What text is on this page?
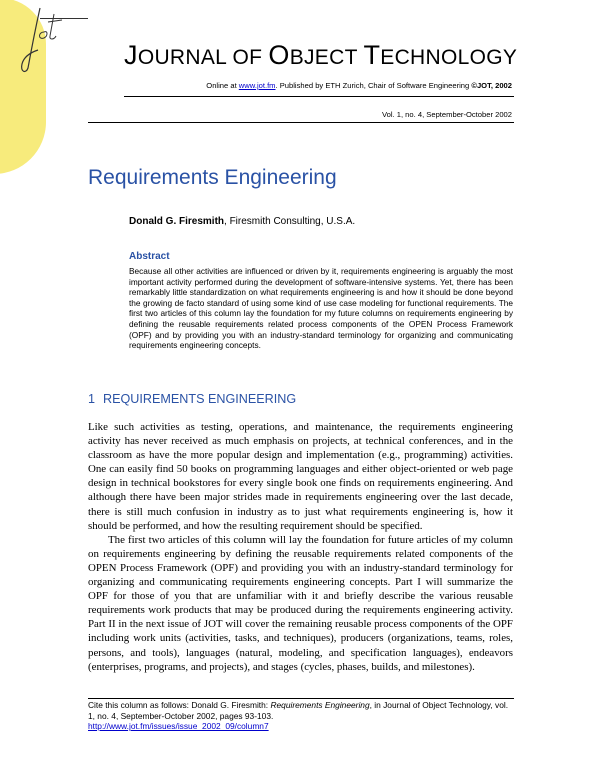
JOURNAL OF OBJECT TECHNOLOGY
Online at www.jot.fm. Published by ETH Zurich, Chair of Software Engineering ©JOT, 2002
Vol. 1, no. 4, September-October 2002
Requirements Engineering
Donald G. Firesmith, Firesmith Consulting, U.S.A.
Abstract

Because all other activities are influenced or driven by it, requirements engineering is arguably the most important activity performed during the development of software-intensive systems. Yet, there has been remarkably little standardization on what requirements engineering is and how it should be done beyond the growing de facto standard of using some kind of use case modeling for functional requirements. The first two articles of this column lay the foundation for my future columns on requirements engineering by defining the reusable requirements related process components of the OPEN Process Framework (OPF) and by providing you with an industry-standard terminology for organizing and communicating requirements engineering concepts.

1 REQUIREMENTS ENGINEERING

Like such activities as testing, operations, and maintenance, the requirements engineering activity has never received as much emphasis on projects, at technical conferences, and in the classroom as have the more popular design and implementation (e.g., programming) activities. One can easily find 50 books on programming languages and either object-oriented or web page design in technical bookstores for every single book one finds on requirements engineering. And although there have been major strides made in requirements engineering over the last decade, there is still much confusion in industry as to just what requirements engineering is, how it should be performed, and how the resulting requirement should be specified.

The first two articles of this column will lay the foundation for future articles of my column on requirements engineering by defining the reusable requirements related components of the OPEN Process Framework (OPF) and providing you with an industry-standard terminology for organizing and communicating requirements engineering concepts. Part I will summarize the OPF for those of you that are unfamiliar with it and briefly describe the various reusable requirements work products that may be produced during the requirements engineering activity. Part II in the next issue of JOT will cover the remaining reusable process components of the OPF including work units (activities, tasks, and techniques), producers (organizations, teams, roles, persons, and tools), languages (natural, modeling, and specification languages), endeavors (enterprises, programs, and projects), and stages (cycles, phases, builds, and milestones).

Cite this column as follows: Donald G. Firesmith: Requirements Engineering, in Journal of Object Technology, vol. 1, no. 4, September-October 2002, pages 93-103.
http://www.jot.fm/issues/issue_2002_09/column7
